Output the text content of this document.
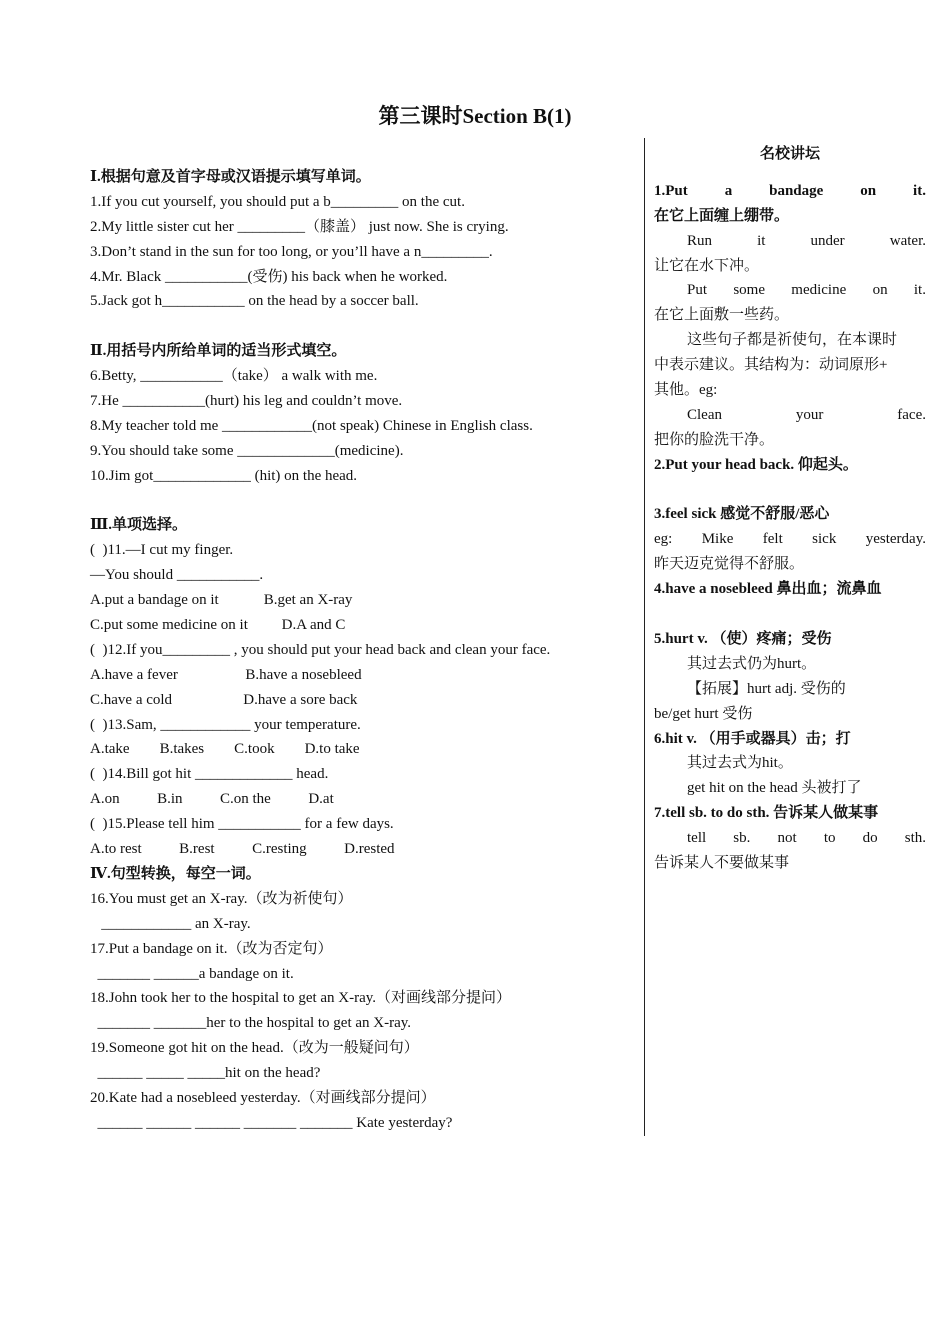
第三课时Section B(1)
Ⅰ.根据句意及首字母或汉语提示填写单词。
1.If you cut yourself, you should put a b_________ on the cut.
2.My little sister cut her _________（膝盖） just now. She is crying.
3.Don’t stand in the sun for too long, or you’ll have a n_________.
4.Mr. Black ___________(受伤) his back when he worked.
5.Jack got h___________ on the head by a soccer ball.
Ⅱ.用括号内所给单词的适当形式填空。
6.Betty, ___________（take） a walk with me.
7.He ___________(hurt) his leg and couldn’t move.
8.My teacher told me ____________(not speak) Chinese in English class.
9.You should take some _____________(medicine).
10.Jim got_____________ (hit) on the head.
Ⅲ.单项选择。
(  )11.—I cut my finger.
—You should ___________.
A.put a bandage on it            B.get an X-ray
C.put some medicine on it         D.A and C
(  )12.If you_________ , you should put your head back and clean your face.
A.have a fever                  B.have a nosebleed
C.have a cold                   D.have a sore back
(  )13.Sam, ____________ your temperature.
A.take        B.takes        C.took        D.to take
(  )14.Bill got hit _____________ head.
A.on          B.in          C.on the          D.at
(  )15.Please tell him ___________ for a few days.
A.to rest          B.rest          C.resting          D.rested
Ⅳ.句型转换，每空一词。
16.You must get an X-ray.（改为祈使句）
____________ an X-ray.
17.Put a bandage on it.（改为否定句）
_______ ______a bandage on it.
18.John took her to the hospital to get an X-ray.（对画线部分提问）
_______ _______her to the hospital to get an X-ray.
19.Someone got hit on the head.（改为一般疑问句）
______ _____ _____hit on the head?
20.Kate had a nosebleed yesterday.（对画线部分提问）
______ ______ ______ _______ _______ Kate yesterday?
名校讲坛
1.Put a bandage on it.
在它上面缠上绷带。
Run	it	under	water.
让它在水下冲。
Put some medicine on it.
在它上面敷一些药。
这些句子都是祈使句，在本课时
中表示建议。其结构为：动词原形+
其他。eg:
Clean	your	face.
把你的脸洗干净。
2.Put your head back. 仰起头。
3.feel sick 感觉不舒服/恶心
eg: Mike felt sick yesterday.
昨天迈克觉得不舒服。
4.have a nosebleed 鼻出血；流鼻血
5.hurt v. （使）疼痛；受伤
其过去式仍为hurt。
【拓展】hurt adj. 受伤的
be/get hurt 受伤
6.hit v. （用手或器具）击；打
其过去式为hit。
get hit on the head 头被打了
7.tell sb. to do sth. 告诉某人做某事
tell sb. not to do sth.
告诉某人不要做某事
